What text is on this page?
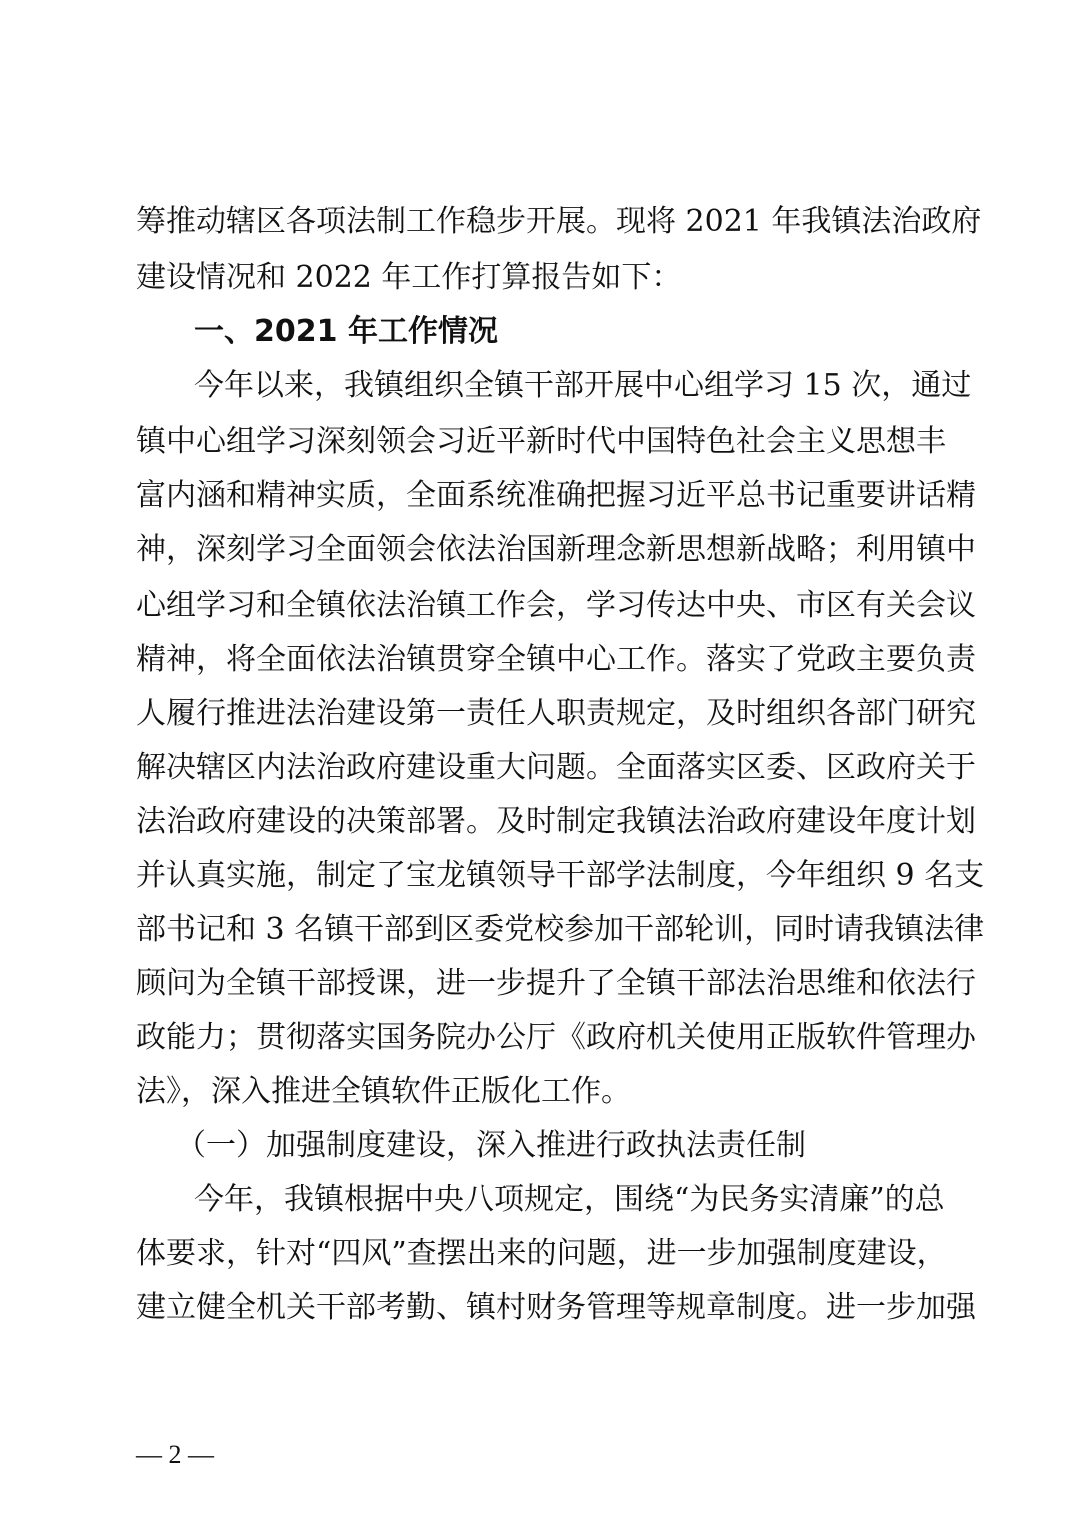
筹推动辖区各项法制工作稳步开展。现将 2021 年我镇法治政府
建设情况和 2022 年工作打算报告如下：
一、2021 年工作情况
今年以来，我镇组织全镇干部开展中心组学习 15 次，通过
镇中心组学习深刻领会习近平新时代中国特色社会主义思想丰
富内涵和精神实质，全面系统准确把握习近平总书记重要讲话精
神，深刻学习全面领会依法治国新理念新思想新战略；利用镇中
心组学习和全镇依法治镇工作会，学习传达中央、市区有关会议
精神，将全面依法治镇贯穿全镇中心工作。落实了党政主要负责
人履行推进法治建设第一责任人职责规定，及时组织各部门研究
解决辖区内法治政府建设重大问题。全面落实区委、区政府关于
法治政府建设的决策部署。及时制定我镇法治政府建设年度计划
并认真实施，制定了宝龙镇领导干部学法制度，今年组织 9 名支
部书记和 3 名镇干部到区委党校参加干部轮训，同时请我镇法律
顾问为全镇干部授课，进一步提升了全镇干部法治思维和依法行
政能力；贯彻落实国务院办公厅《政府机关使用正版软件管理办
法》，深入推进全镇软件正版化工作。
（一）加强制度建设，深入推进行政执法责任制
今年，我镇根据中央八项规定，围绕“为民务实清廉”的总
体要求，针对“四风”查摆出来的问题，进一步加强制度建设，
建立健全机关干部考勤、镇村财务管理等规章制度。进一步加强
— 2 —
